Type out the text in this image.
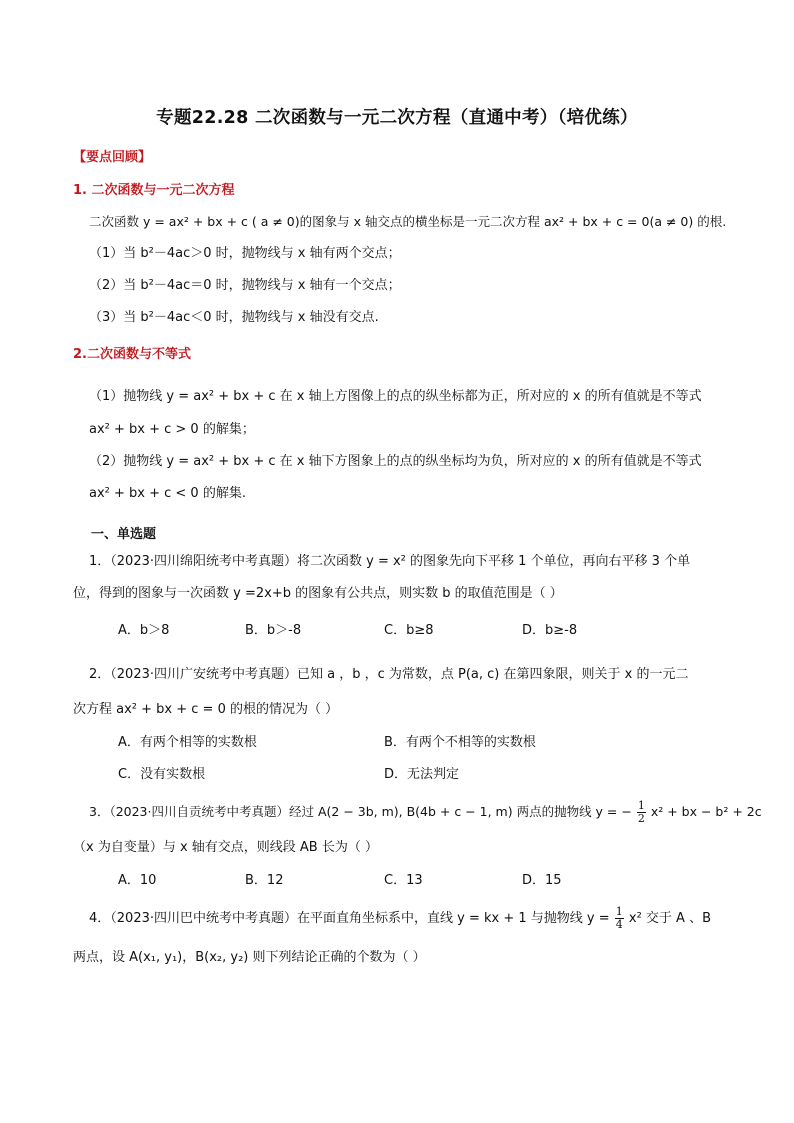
专题22.28 二次函数与一元二次方程（直通中考）（培优练）
【要点回顾】
1. 二次函数与一元二次方程
二次函数 y = ax² + bx + c ( a ≠ 0)的图象与 x 轴交点的横坐标是一元二次方程 ax² + bx + c = 0(a ≠ 0) 的根.
（1）当 b²－4ac＞0 时，抛物线与 x 轴有两个交点；
（2）当 b²－4ac＝0 时，抛物线与 x 轴有一个交点；
（3）当 b²－4ac＜0 时，抛物线与 x 轴没有交点.
2.二次函数与不等式
（1）抛物线 y = ax² + bx + c 在 x 轴上方图像上的点的纵坐标都为正，所对应的 x 的所有值就是不等式
ax² + bx + c > 0 的解集；
（2）抛物线 y = ax² + bx + c 在 x 轴下方图象上的点的纵坐标均为负，所对应的 x 的所有值就是不等式
ax² + bx + c < 0 的解集.
一、单选题
1．（2023·四川绵阳统考中考真题）将二次函数 y = x² 的图象先向下平移 1 个单位，再向右平移 3 个单
位，得到的图象与一次函数 y =2x+b 的图象有公共点，则实数 b 的取值范围是（ ）
A．b＞8	B．b＞-8	C．b≥8	D．b≥-8
2．（2023·四川广安统考中考真题）已知 a ，b ，c 为常数，点 P(a, c) 在第四象限，则关于 x 的一元二
次方程 ax² + bx + c = 0 的根的情况为（ ）
A．有两个相等的实数根	B．有两个不相等的实数根
C．没有实数根	D．无法判定
3．（2023·四川自贡统考中考真题）经过 A(2 − 3b, m), B(4b + c − 1, m) 两点的抛物线 y = − $\frac{1}{2} x^2$ + bx − b² + 2c
（x 为自变量）与 x 轴有交点，则线段 AB 长为（ ）
A．10	B．12	C．13	D．15
4．（2023·四川巴中统考中考真题）在平面直角坐标系中，直线 y = kx + 1 与抛物线 $y = \frac{1}{4} x^2$ 交于 A 、B
两点，设 A(x₁, y₁)，B(x₂, y₂) 则下列结论正确的个数为（ ）
